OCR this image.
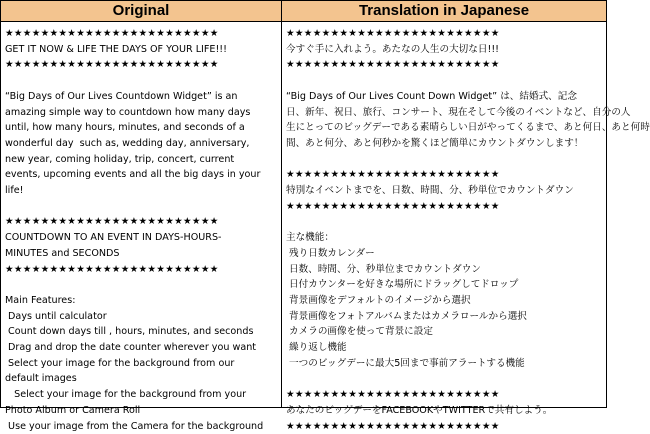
Original
★★★★★★★★★★★★★★★★★★★★★★★★
GET IT NOW & LIFE THE DAYS OF YOUR LIFE!!!
★★★★★★★★★★★★★★★★★★★★★★★★
“Big Days of Our Lives Countdown Widget” is an
amazing simple way to countdown how many days
until, how many hours, minutes, and seconds of a
wonderful day  such as, wedding day, anniversary,
new year, coming holiday, trip, concert, current
events, upcoming events and all the big days in your
life!
★★★★★★★★★★★★★★★★★★★★★★★★
COUNTDOWN TO AN EVENT IN DAYS-HOURS-
MINUTES and SECONDS
★★★★★★★★★★★★★★★★★★★★★★★★
Main Features:
Days until calculator
Count down days till , hours, minutes, and seconds
Drag and drop the date counter wherever you want
Select your image for the background from our
default images
Select your image for the background from your
Photo Album or Camera Roll
Use your image from the Camera for the background
Translation in Japanese
★★★★★★★★★★★★★★★★★★★★★★★★
今すぐ手に入れよう。あたなの人生の大切な日!!!
★★★★★★★★★★★★★★★★★★★★★★★★
“Big Days of Our Lives Count Down Widget” は、結婚式、記念
日、新年、祝日、旅行、コンサート、現在そして今後のイベントなど、自分の人
生にとってのビッグデーである素晴らしい日がやってくるまで、あと何日、あと何時
間、あと何分、あと何秒かを驚くほど簡単にカウントダウンします！
★★★★★★★★★★★★★★★★★★★★★★★★
特別なイベントまでを、日数、時間、分、秒単位でカウントダウン
★★★★★★★★★★★★★★★★★★★★★★★★
主な機能：
残り日数カレンダー
日数、時間、分、秒単位までカウントダウン
日付カウンターを好きな場所にドラッグしてドロップ
背景画像をデフォルトのイメージから選択
背景画像をフォトアルバムまたはカメラロールから選択
カメラの画像を使って背景に設定
繰り返し機能
一つのビッグデーに最大5回まで事前アラートする機能
★★★★★★★★★★★★★★★★★★★★★★★★
あなたのビッグデーをFACEBOOKやTWITTERで共有しよう。
★★★★★★★★★★★★★★★★★★★★★★★★
